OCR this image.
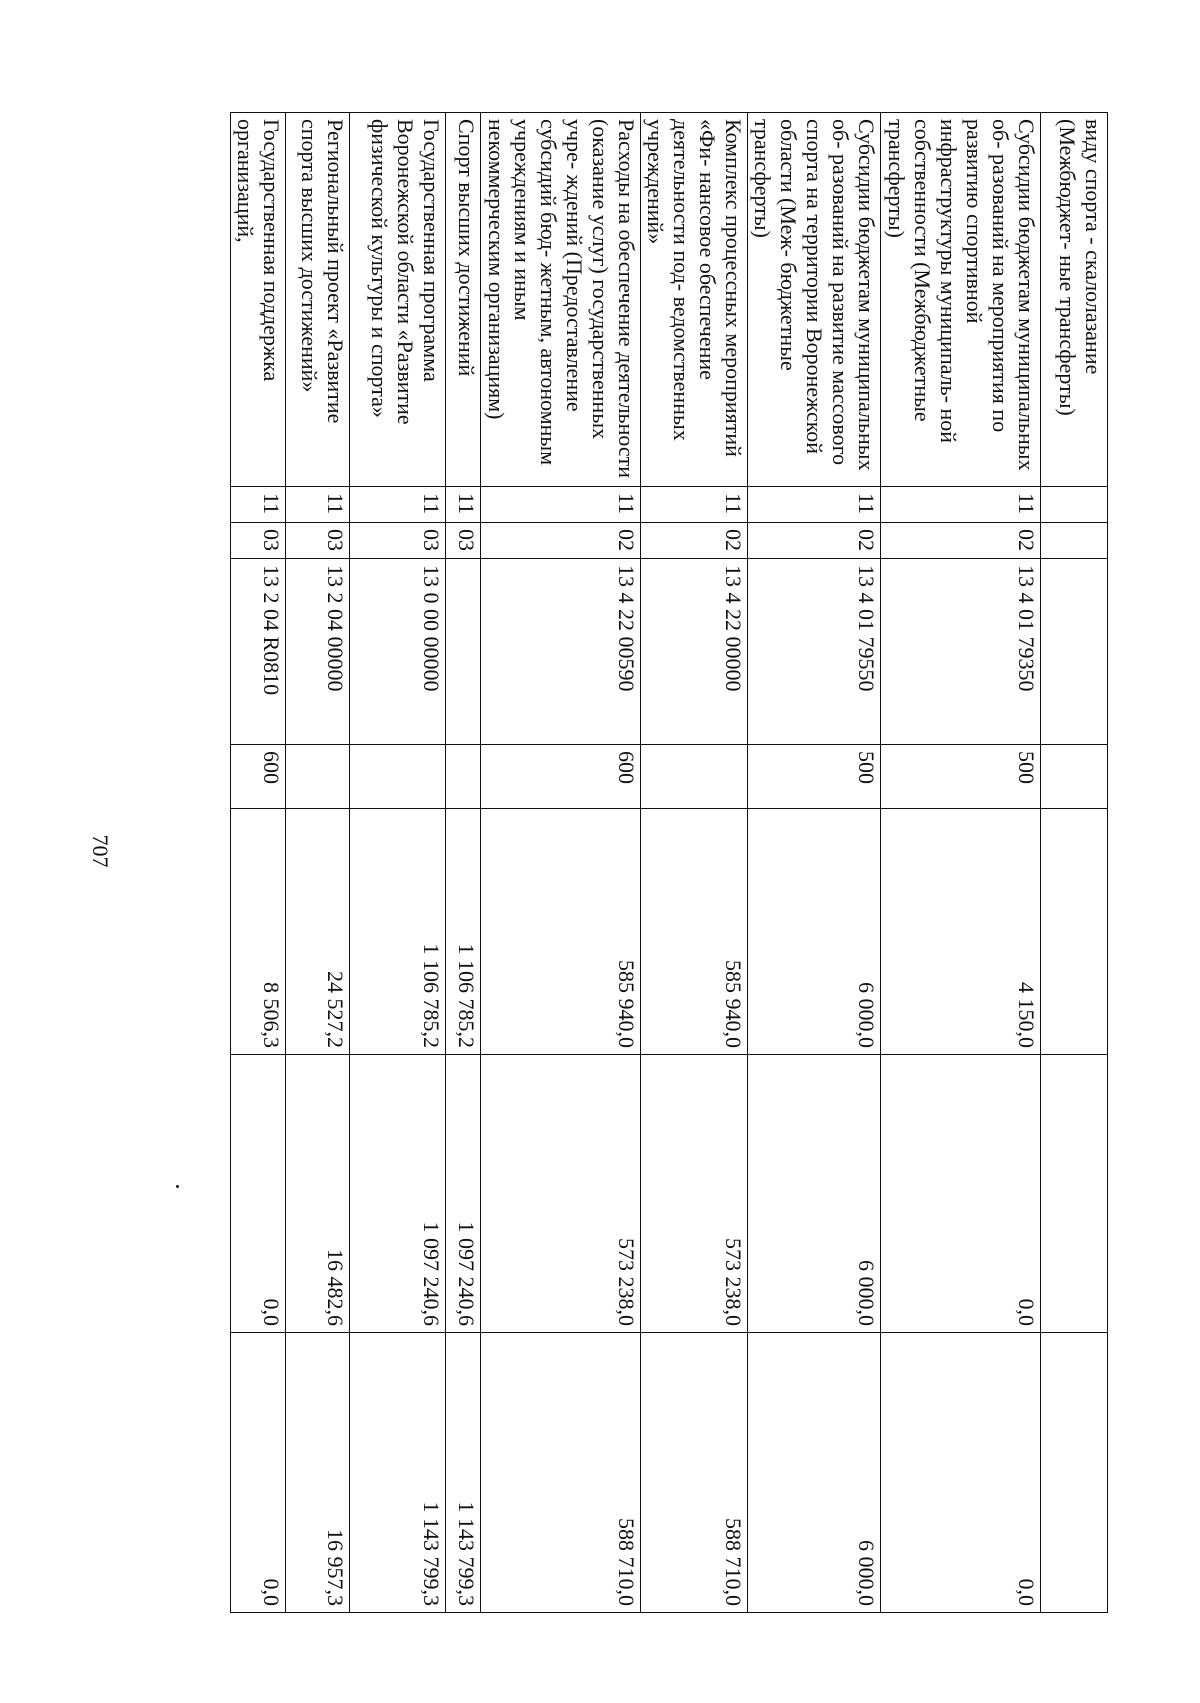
707
виду спорта - скалолазание (Межбюджет- ные трансферты)							
Субсидии бюджетам муниципальных об- разований на мероприятия по развитию спортивной инфраструктуры муниципаль- ной собственности (Межбюджетные трансферты)	11	02	13 4 01 79350	500	4 150,0	0,0	0,0
Субсидии бюджетам муниципальных об- разований на развитие массового спорта на территории Воронежской области (Меж- бюджетные трансферты)	11	02	13 4 01 79550	500	6 000,0	6 000,0	6 000,0
Комплекс процессных мероприятий «Фи- нансовое обеспечение деятельности под- ведомственных учреждений»	11	02	13 4 22 00000		585 940,0	573 238,0	588 710,0
Расходы на обеспечение деятельности (оказание услуг) государственных учре- ждений (Предоставление субсидий бюд- жетным, автономным учреждениям и иным некоммерческим организациям)	11	02	13 4 22 00590	600	585 940,0	573 238,0	588 710,0
Спорт высших достижений	11	03			1 106 785,2	1 097 240,6	1 143 799,3
Государственная программа Воронежской области «Развитие физической культуры и спорта»	11	03	13 0 00 00000		1 106 785,2	1 097 240,6	1 143 799,3
Региональный проект «Развитие спорта высших достижений»	11	03	13 2 04 00000		24 527,2	16 482,6	16 957,3
Государственная поддержка организаций,	11	03	13 2 04 R0810	600	8 506,3	0,0	0,0
